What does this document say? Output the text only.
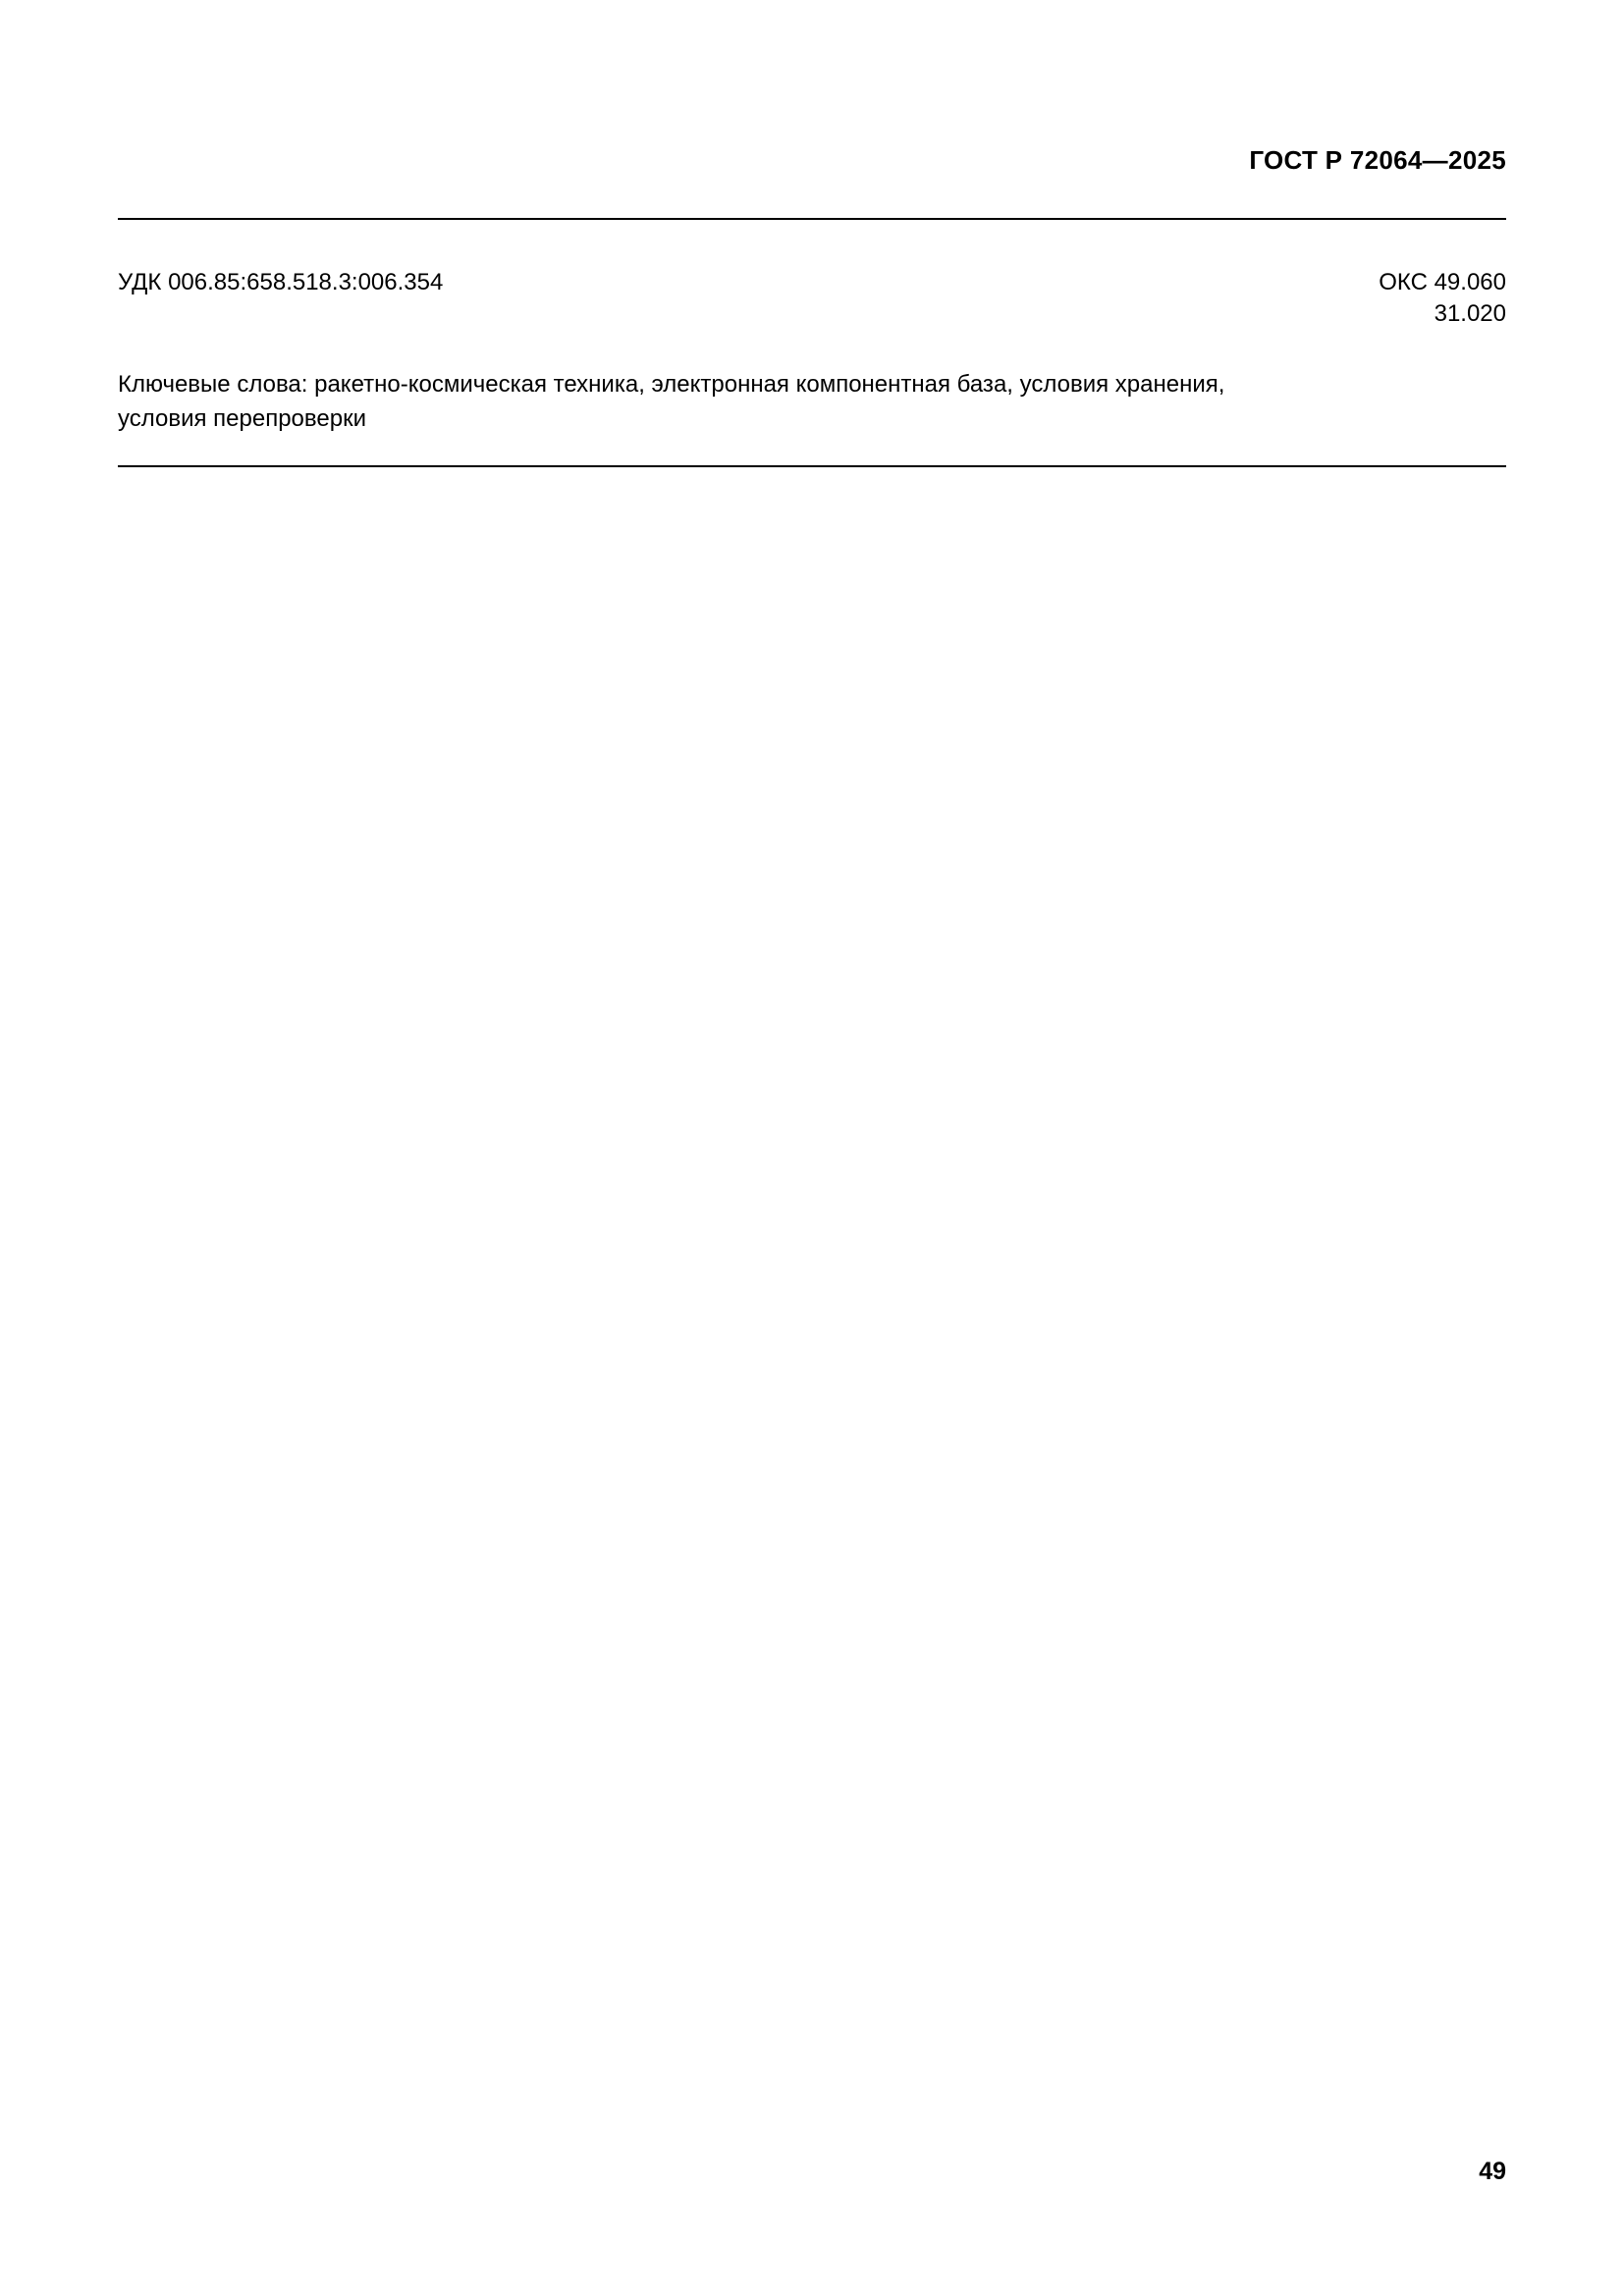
ГОСТ Р 72064—2025
УДК 006.85:658.518.3:006.354	ОКС 49.060
31.020
Ключевые слова: ракетно-космическая техника, электронная компонентная база, условия хранения,
условия перепроверки
49
